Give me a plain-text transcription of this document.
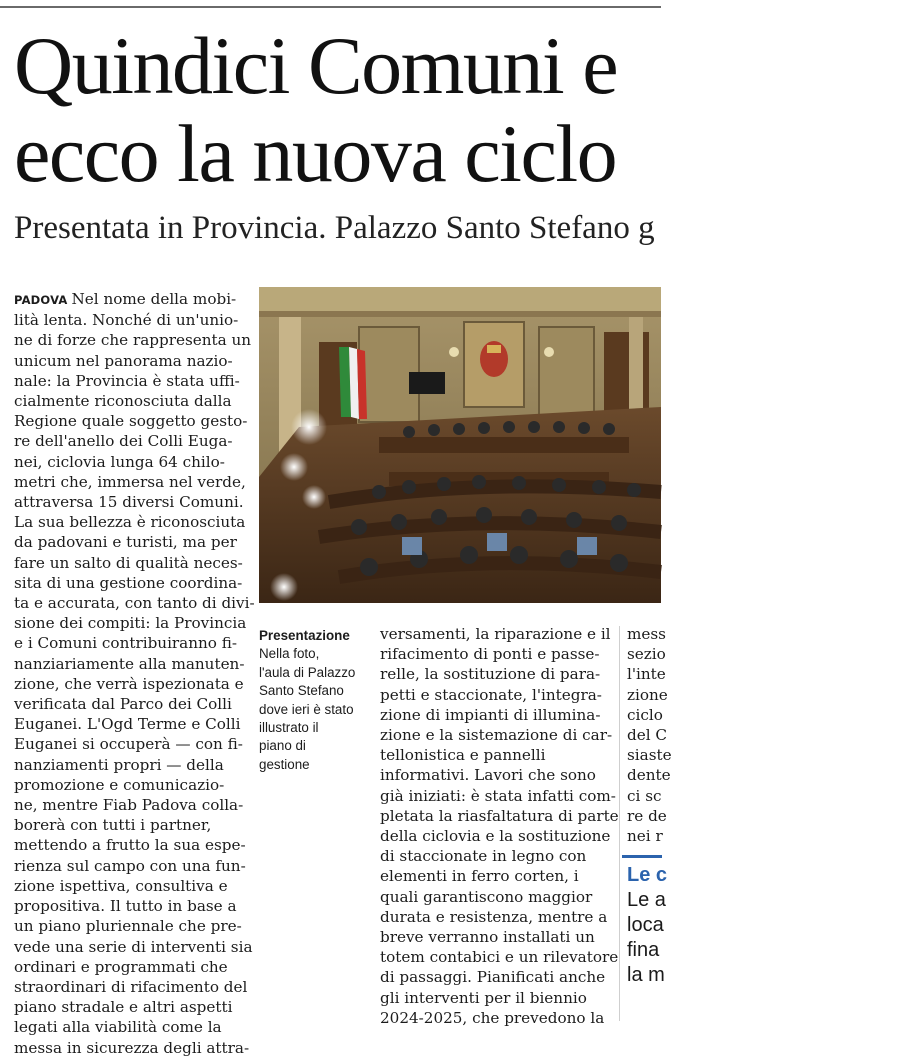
Quindici Comuni e
ecco la nuova ciclo
Presentata in Provincia. Palazzo Santo Stefano g
PADOVA Nel nome della mobi-
lità lenta. Nonché di un'unio-
ne di forze che rappresenta un
unicum nel panorama nazio-
nale: la Provincia è stata uffi-
cialmente riconosciuta dalla
Regione quale soggetto gesto-
re dell'anello dei Colli Euga-
nei, ciclovia lunga 64 chilo-
metri che, immersa nel verde,
attraversa 15 diversi Comuni.
La sua bellezza è riconosciuta
da padovani e turisti, ma per
fare un salto di qualità neces-
sita di una gestione coordina-
ta e accurata, con tanto di divi-
sione dei compiti: la Provincia
e i Comuni contribuiranno fi-
nanziariamente alla manuten-
zione, che verrà ispezionata e
verificata dal Parco dei Colli
Euganei. L'Ogd Terme e Colli
Euganei si occuperà — con fi-
nanziamenti propri — della
promozione e comunicazio-
ne, mentre Fiab Padova colla-
borerà con tutti i partner,
mettendo a frutto la sua espe-
rienza sul campo con una fun-
zione ispettiva, consultiva e
propositiva. Il tutto in base a
un piano pluriennale che pre-
vede una serie di interventi sia
ordinari e programmati che
straordinari di rifacimento del
piano stradale e altri aspetti
legati alla viabilità come la
messa in sicurezza degli attra-
Presentazione
Nella foto,
l'aula di Palazzo
Santo Stefano
dove ieri è stato
illustrato il
piano di
gestione
versamenti, la riparazione e il
rifacimento di ponti e passe-
relle, la sostituzione di para-
petti e staccionate, l'integra-
zione di impianti di illumina-
zione e la sistemazione di car-
tellonistica e pannelli
informativi. Lavori che sono
già iniziati: è stata infatti com-
pletata la riasfaltatura di parte
della ciclovia e la sostituzione
di staccionate in legno con
elementi in ferro corten, i
quali garantiscono maggior
durata e resistenza, mentre a
breve verranno installati un
totem contabici e un rilevatore
di passaggi. Pianificati anche
gli interventi per il biennio
2024-2025, che prevedono la
mess
sezio
l'inte
zione
ciclo
del C
siaste
dente
ci sc
re de
nei r
Le c
Le a
loca
fina
la m
